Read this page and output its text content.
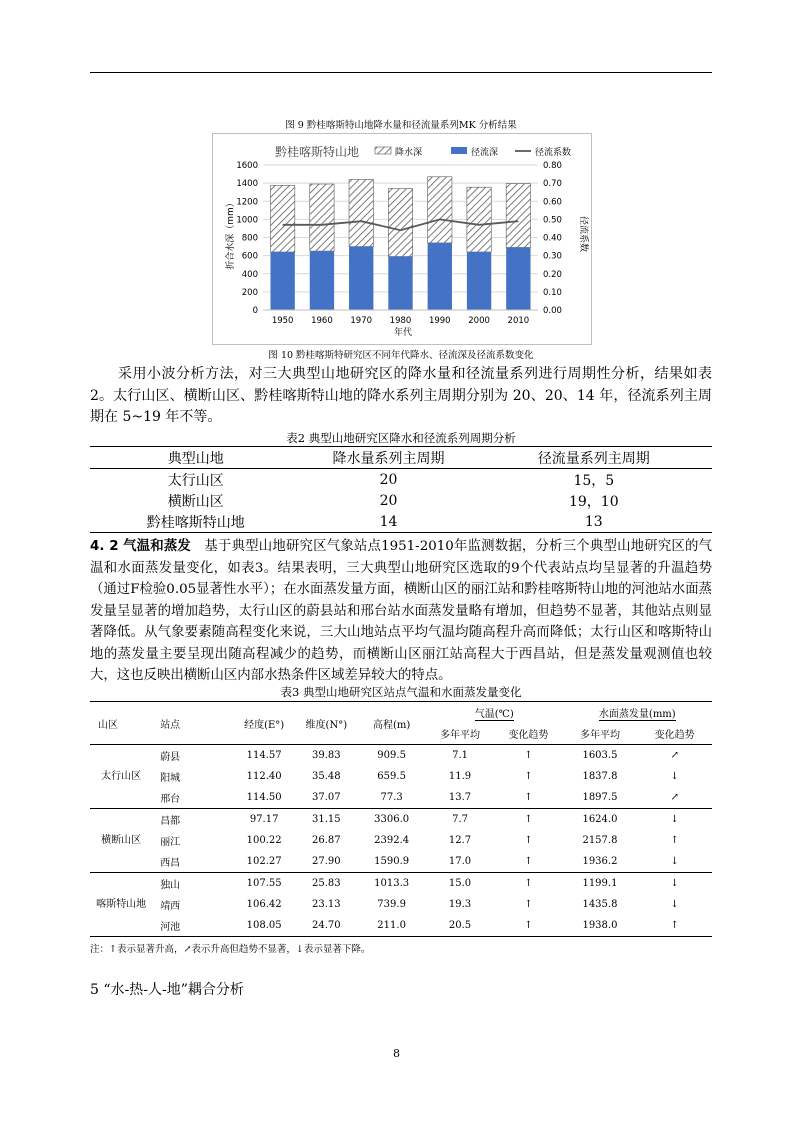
图 9 黔桂喀斯特山地降水量和径流量系列MK 分析结果
黔桂喀斯特山地	降水深	径流深	径流系数
0
200
400
600
800
1000
1200
1400
1600
0.00
0.10
0.20
0.30
0.40
0.50
0.60
0.70
0.80
1950 1960 1970 1980 1990 2000 2010
年代
折合水深（mm）	径流系数
图 10 黔桂喀斯特研究区不同年代降水、径流深及径流系数变化

采用小波分析方法，对三大典型山地研究区的降水量和径流量系列进行周期性分析，结果如表 2。太行山区、横断山区、黔桂喀斯特山地的降水系列主周期分别为 20、20、14 年，径流系列主周期在 5~19 年不等。

表2 典型山地研究区降水和径流系列周期分析
典型山地	降水量系列主周期	径流量系列主周期
太行山区	20	15，5
横断山区	20	19，10
黔桂喀斯特山地	14	13

4. 2 气温和蒸发 基于典型山地研究区气象站点1951-2010年监测数据，分析三个典型山地研究区的气温和水面蒸发量变化，如表3。结果表明，三大典型山地研究区选取的9个代表站点均呈显著的升温趋势（通过F检验0.05显著性水平）；在水面蒸发量方面，横断山区的丽江站和黔桂喀斯特山地的河池站水面蒸发量呈显著的增加趋势，太行山区的蔚县站和邢台站水面蒸发量略有增加，但趋势不显著，其他站点则显著降低。从气象要素随高程变化来说，三大山地站点平均气温均随高程升高而降低；太行山区和喀斯特山地的蒸发量主要呈现出随高程减少的趋势，而横断山区丽江站高程大于西昌站，但是蒸发量观测值也较大，这也反映出横断山区内部水热条件区域差异较大的特点。

表3 典型山地研究区站点气温和水面蒸发量变化
山区	站点	经度(E°)	维度(N°)	高程(m)	气温(℃)		水面蒸发量(mm)	
					多年平均	变化趋势	多年平均	变化趋势
太行山区	蔚县	114.57	39.83	909.5	7.1	↑	1603.5	↗
	阳城	112.40	35.48	659.5	11.9	↑	1837.8	↓
	邢台	114.50	37.07	77.3	13.7	↑	1897.5	↗
横断山区	昌都	97.17	31.15	3306.0	7.7	↑	1624.0	↓
	丽江	100.22	26.87	2392.4	12.7	↑	2157.8	↑
	西昌	102.27	27.90	1590.9	17.0	↑	1936.2	↓
喀斯特山地	独山	107.55	25.83	1013.3	15.0	↑	1199.1	↓
	靖西	106.42	23.13	739.9	19.3	↑	1435.8	↓
	河池	108.05	24.70	211.0	20.5	↑	1938.0	↑
注：↑表示显著升高，↗表示升高但趋势不显著，↓表示显著下降。
5 “水-热-人-地”耦合分析
8
